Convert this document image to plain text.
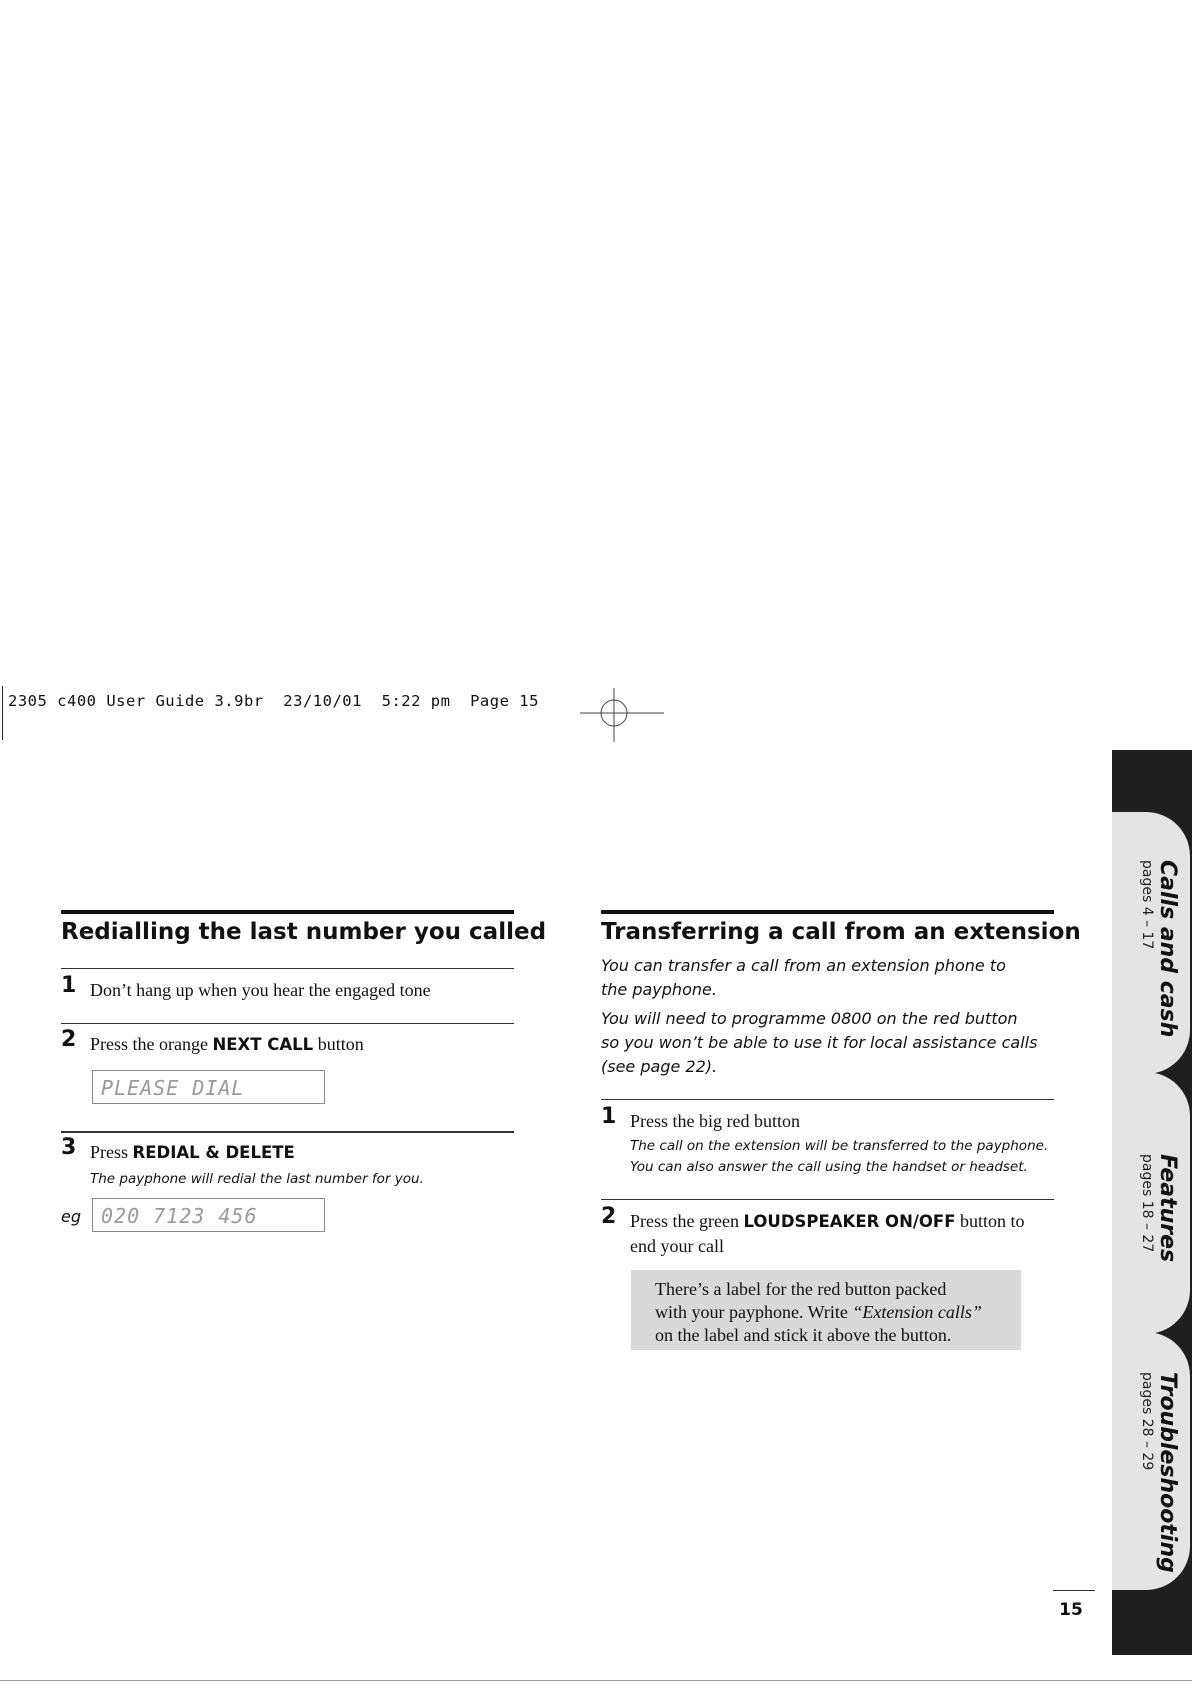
2305 c400 User Guide 3.9br  23/10/01  5:22 pm  Page 15
Redialling the last number you called
1 Don’t hang up when you hear the engaged tone
2 Press the orange NEXT CALL button
PLEASE DIAL
3 Press REDIAL & DELETE
The payphone will redial the last number for you.
eg	020 7123 456
Transferring a call from an extension
You can transfer a call from an extension phone to
the payphone.
You will need to programme 0800 on the red button
so you won’t be able to use it for local assistance calls
(see page 22).
1 Press the big red button
The call on the extension will be transferred to the payphone.
You can also answer the call using the handset or headset.
2 Press the green LOUDSPEAKER ON/OFF button to
end your call
There’s a label for the red button packed
with your payphone. Write “Extension calls”
on the label and stick it above the button.
Calls and cash
pages 4 – 17
Features
pages 18 – 27
Troubleshooting
pages 28 – 29
15
